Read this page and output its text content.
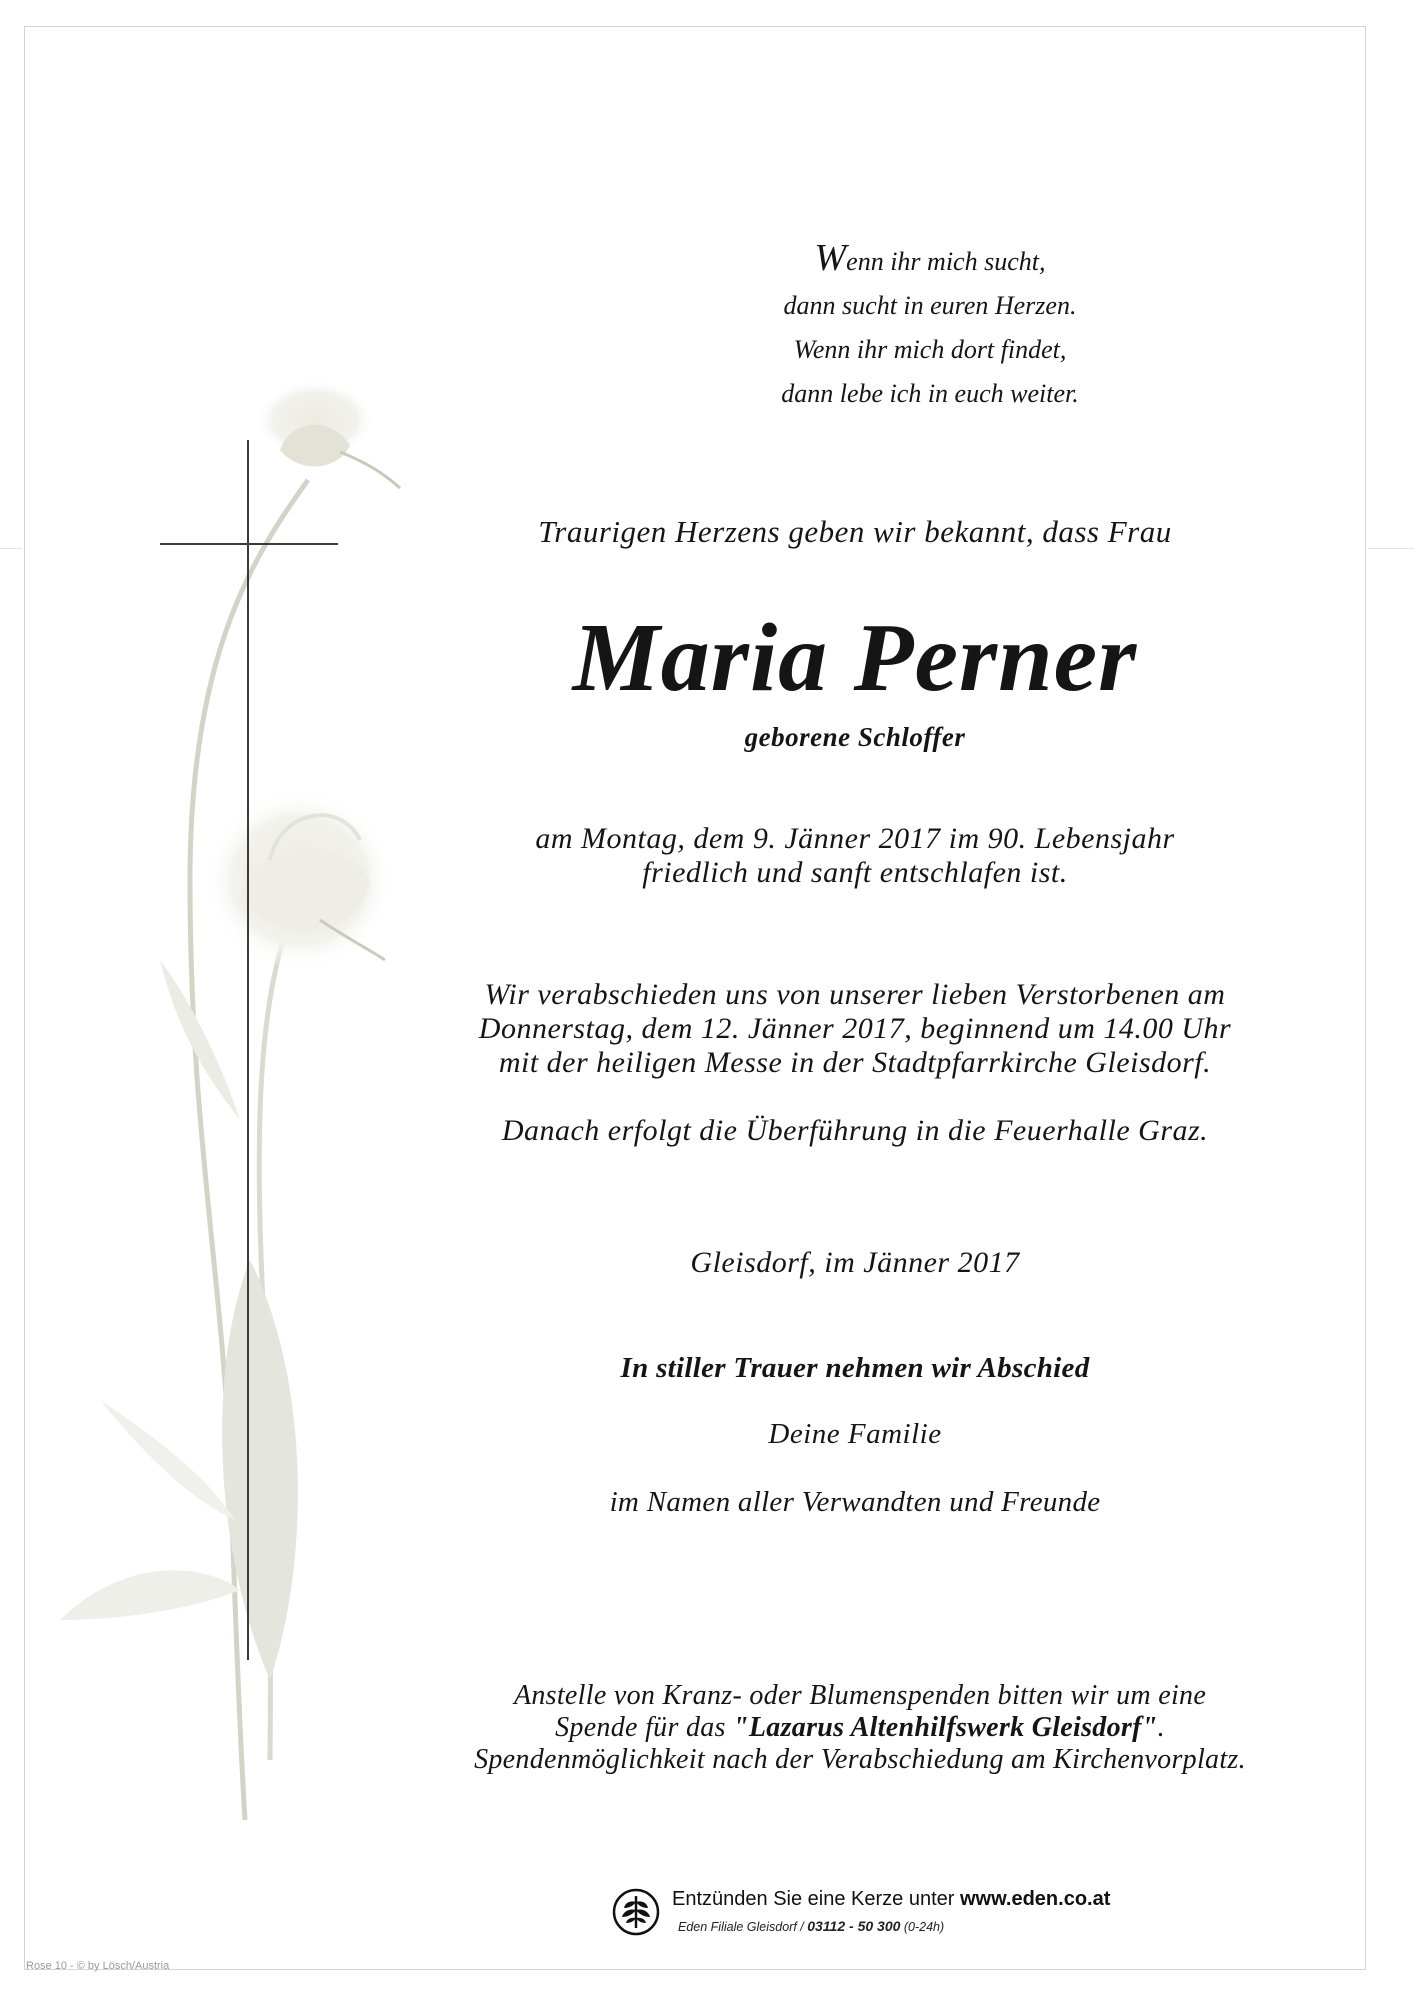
Wenn ihr mich sucht,
dann sucht in euren Herzen.
Wenn ihr mich dort findet,
dann lebe ich in euch weiter.
Traurigen Herzens geben wir bekannt, dass Frau
Maria Perner
geborene Schloffer
am Montag, dem 9. Jänner 2017 im 90. Lebensjahr
friedlich und sanft entschlafen ist.
Wir verabschieden uns von unserer lieben Verstorbenen am
Donnerstag, dem 12. Jänner 2017, beginnend um 14.00 Uhr
mit der heiligen Messe in der Stadtpfarrkirche Gleisdorf.
Danach erfolgt die Überführung in die Feuerhalle Graz.
Gleisdorf, im Jänner 2017
In stiller Trauer nehmen wir Abschied
Deine Familie
im Namen aller Verwandten und Freunde
Anstelle von Kranz- oder Blumenspenden bitten wir um eine
Spende für das "Lazarus Altenhilfswerk Gleisdorf".
Spendenmöglichkeit nach der Verabschiedung am Kirchenvorplatz.
Entzünden Sie eine Kerze unter www.eden.co.at
Eden Filiale Gleisdorf / 03112 - 50 300 (0-24h)
Rose 10 - © by Lösch/Austria
